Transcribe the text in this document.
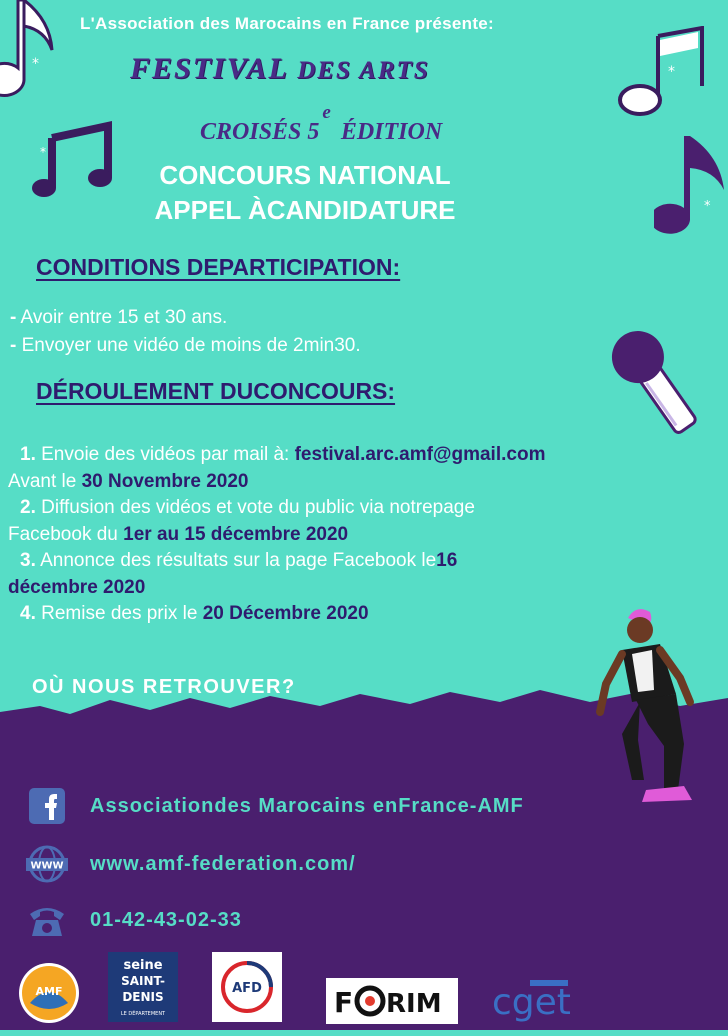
*
*
*
*
L'Association des Marocains en France présente:
FESTIVAL DES ARTS
CROISÉS 5eÉDITION
CONCOURS NATIONAL
APPEL ÀCANDIDATURE
CONDITIONS DEPARTICIPATION:
- Avoir entre 15 et 30 ans.
- Envoyer une vidéo de moins de 2min30.
DÉROULEMENT DUCONCOURS:
1. Envoie des vidéos par mail à: festival.arc.amf@gmail.com
Avant le 30 Novembre 2020
2. Diffusion des vidéos et vote du public via notrepage
Facebook du 1er au 15 décembre 2020
3. Annonce des résultats sur la page Facebook le16
décembre 2020
4. Remise des prix le 20 Décembre 2020
OÙ NOUS RETROUVER?
Associationdes Marocains enFrance-AMF
WWW www.amf-federation.com/
01-42-43-02-33
AMF
seine
SAINT-
DENIS
LE DÉPARTEMENT
AFD	F RIM cget
